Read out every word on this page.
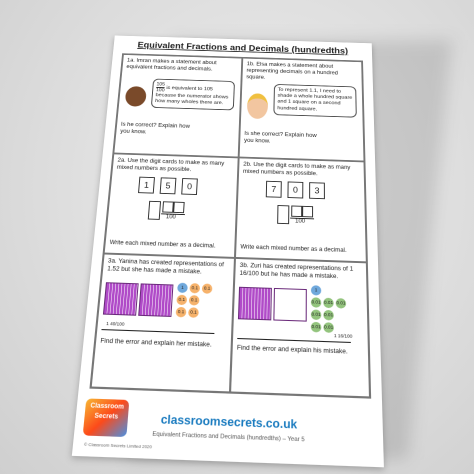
Equivalent Fractions and Decimals (hundredths)
1a. Imran makes a statement about equivalent fractions and decimals.
$\frac{105}{100}$ is equivalent to 105
because the numerator shows how many wholes there are.
Is he correct? Explain how you know.
1b. Elsa makes a statement about representing decimals on a hundred square.
To represent 1.1, I need to shade a whole hundred square and 1 square on a second hundred square.
Is she correct? Explain how you know.
2a. Use the digit cards to make as many mixed numbers as possible.
1 5 0
100
Write each mixed number as a decimal.
2b. Use the digit cards to make as many mixed numbers as possible.
7 0 3
100
Write each mixed number as a decimal.
3a. Yanina has created representations of 1.52 but she has made a mistake.
1	0.1	0.1
0.1	0.1
0.1	0.1
1 40/100
Find the error and explain her mistake.
3b. Zuri has created representations of 1 16/100 but he has made a mistake.
1
0.01 0.01 0.01
0.01 0.01
0.01 0.01
1 16/100
Find the error and explain his mistake.
Classroom Secrets	classroomsecrets.co.uk
Equivalent Fractions and Decimals (hundredths) – Year 5
© Classroom Secrets Limited 2020
